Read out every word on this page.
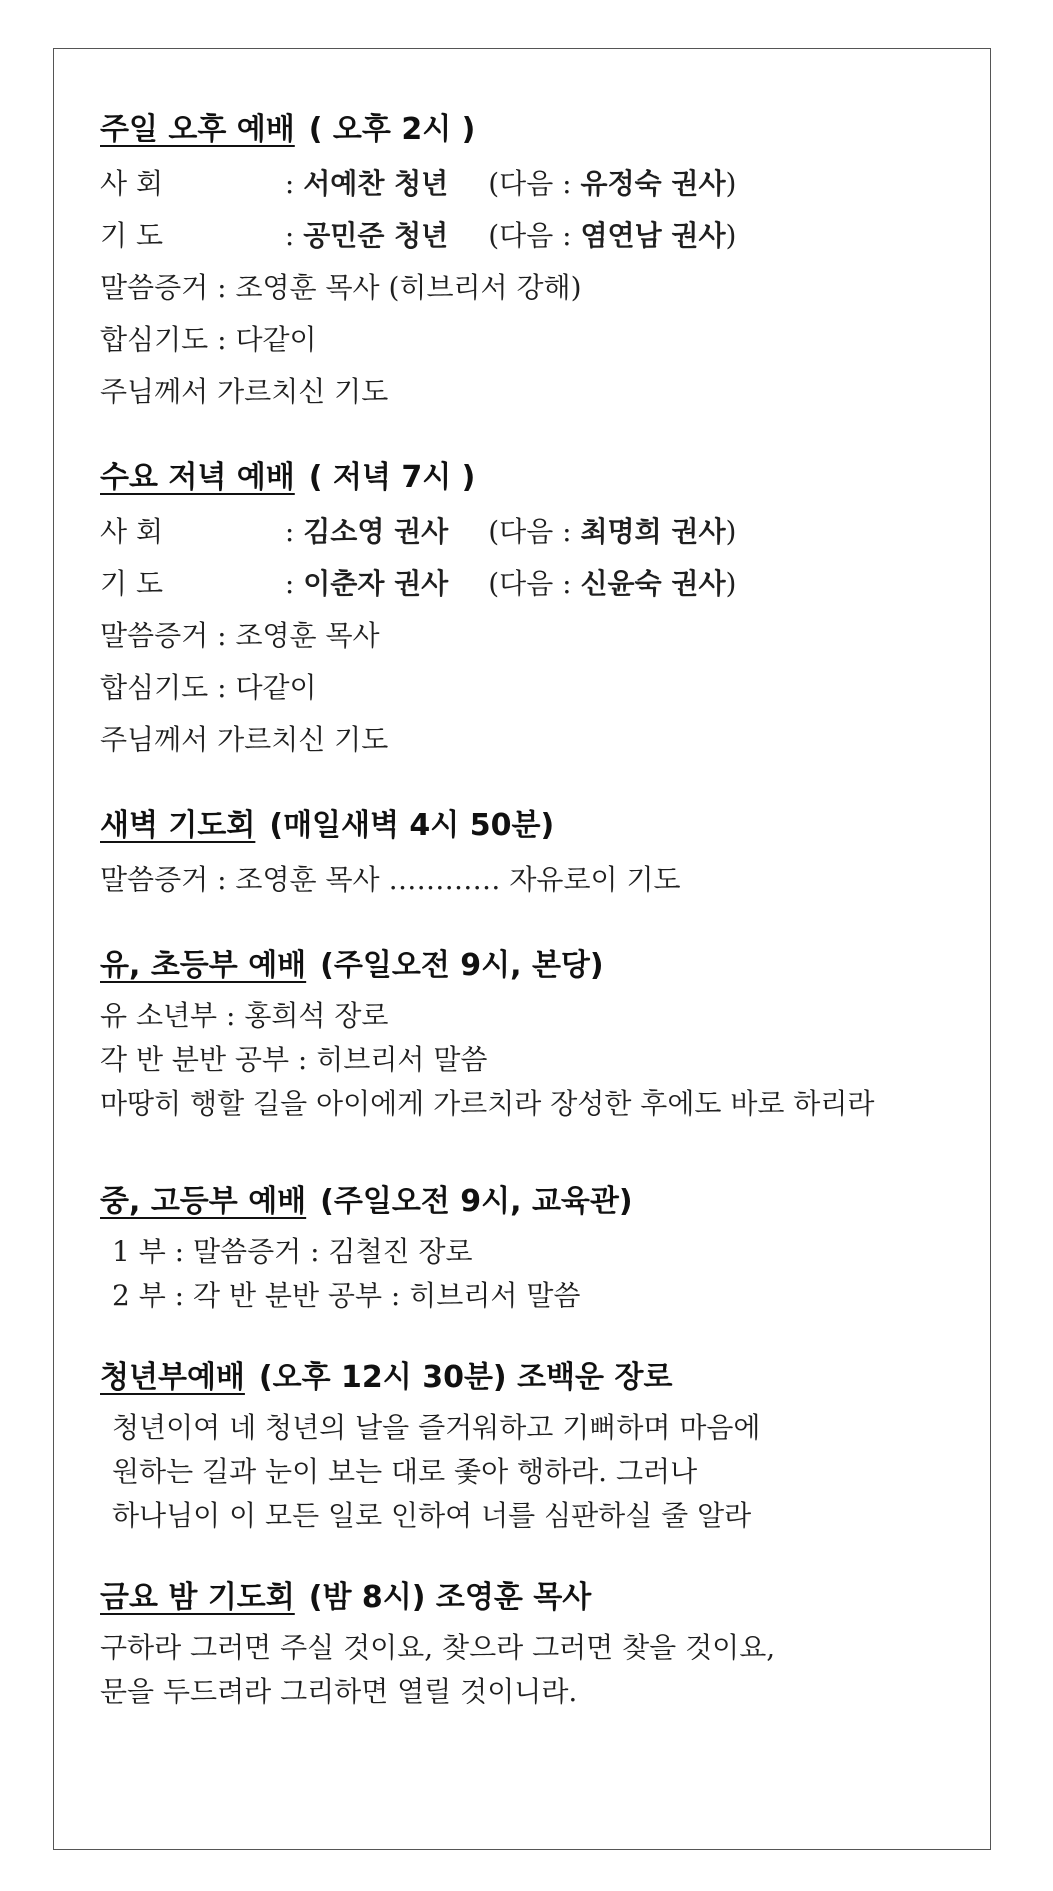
주일 오후 예배 ( 오후 2시 )
사 회	: 서예찬 청년 (다음 : 유정숙 권사)
기 도	: 공민준 청년 (다음 : 염연남 권사)
말씀증거 : 조영훈 목사 (히브리서 강해)
합심기도 : 다같이
주님께서 가르치신 기도
수요 저녁 예배 ( 저녁 7시 )
사 회	: 김소영 권사 (다음 : 최명희 권사)
기 도	: 이춘자 권사 (다음 : 신윤숙 권사)
말씀증거 : 조영훈 목사
합심기도 : 다같이
주님께서 가르치신 기도
새벽 기도회 (매일새벽 4시 50분)
말씀증거 : 조영훈 목사 ………… 자유로이 기도
유, 초등부 예배 (주일오전 9시, 본당)
유 소년부 : 홍희석 장로
각 반 분반 공부 : 히브리서 말씀
마땅히 행할 길을 아이에게 가르치라 장성한 후에도 바로 하리라
중, 고등부 예배 (주일오전 9시, 교육관)
1 부 : 말씀증거 : 김철진 장로
2 부 : 각 반 분반 공부 : 히브리서 말씀
청년부예배 (오후 12시 30분) 조백운 장로
청년이여 네 청년의 날을 즐거워하고 기뻐하며 마음에
원하는 길과 눈이 보는 대로 좇아 행하라. 그러나
하나님이 이 모든 일로 인하여 너를 심판하실 줄 알라
금요 밤 기도회 (밤 8시) 조영훈 목사
구하라 그러면 주실 것이요, 찾으라 그러면 찾을 것이요,
문을 두드려라 그리하면 열릴 것이니라.
